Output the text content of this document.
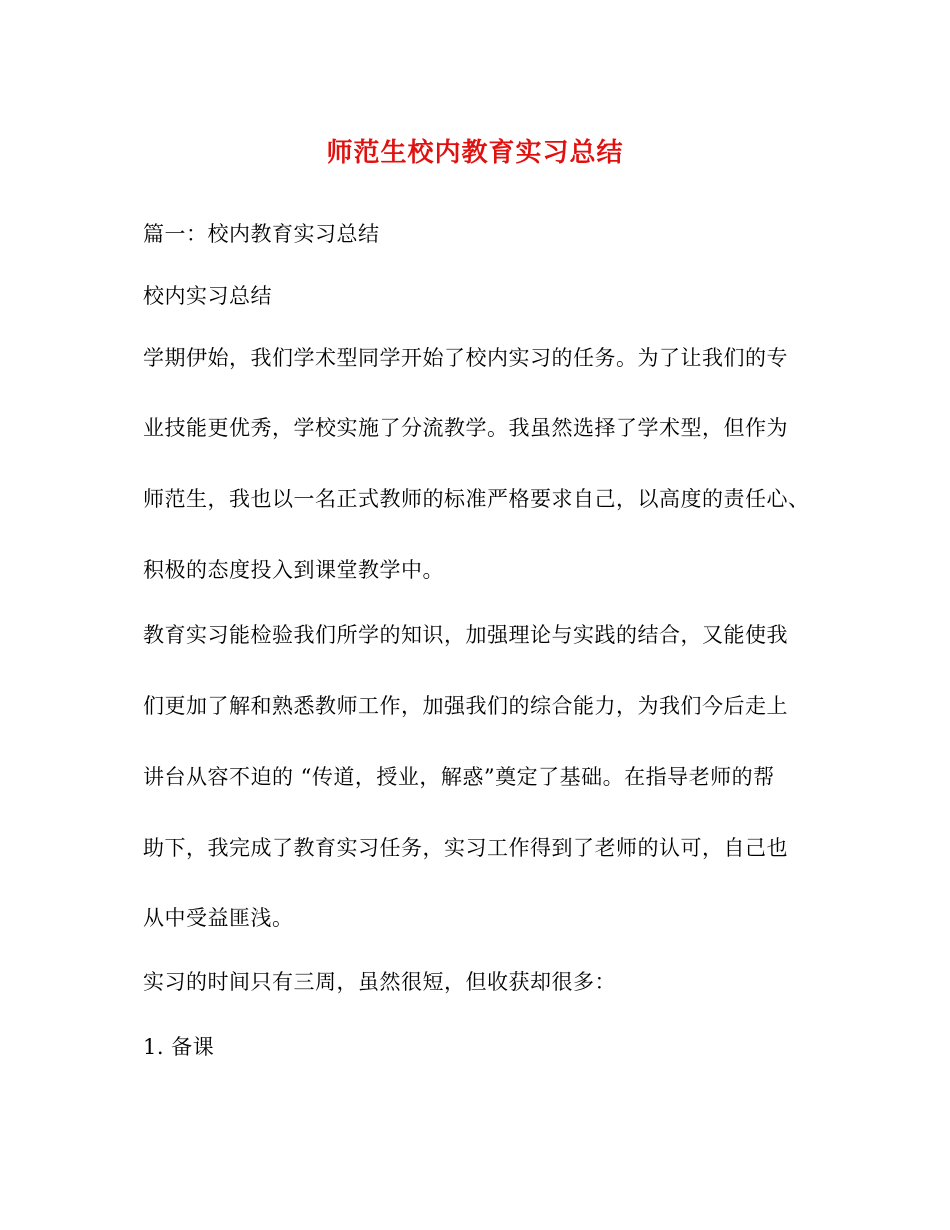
师范生校内教育实习总结
篇一：校内教育实习总结
校内实习总结
学期伊始，我们学术型同学开始了校内实习的任务。为了让我们的专
业技能更优秀，学校实施了分流教学。我虽然选择了学术型，但作为
师范生，我也以一名正式教师的标准严格要求自己，以高度的责任心、
积极的态度投入到课堂教学中。
教育实习能检验我们所学的知识，加强理论与实践的结合，又能使我
们更加了解和熟悉教师工作，加强我们的综合能力，为我们今后走上
讲台从容不迫的 “传道，授业，解惑”奠定了基础。在指导老师的帮
助下，我完成了教育实习任务，实习工作得到了老师的认可，自己也
从中受益匪浅。
实习的时间只有三周，虽然很短，但收获却很多：
1. 备课
